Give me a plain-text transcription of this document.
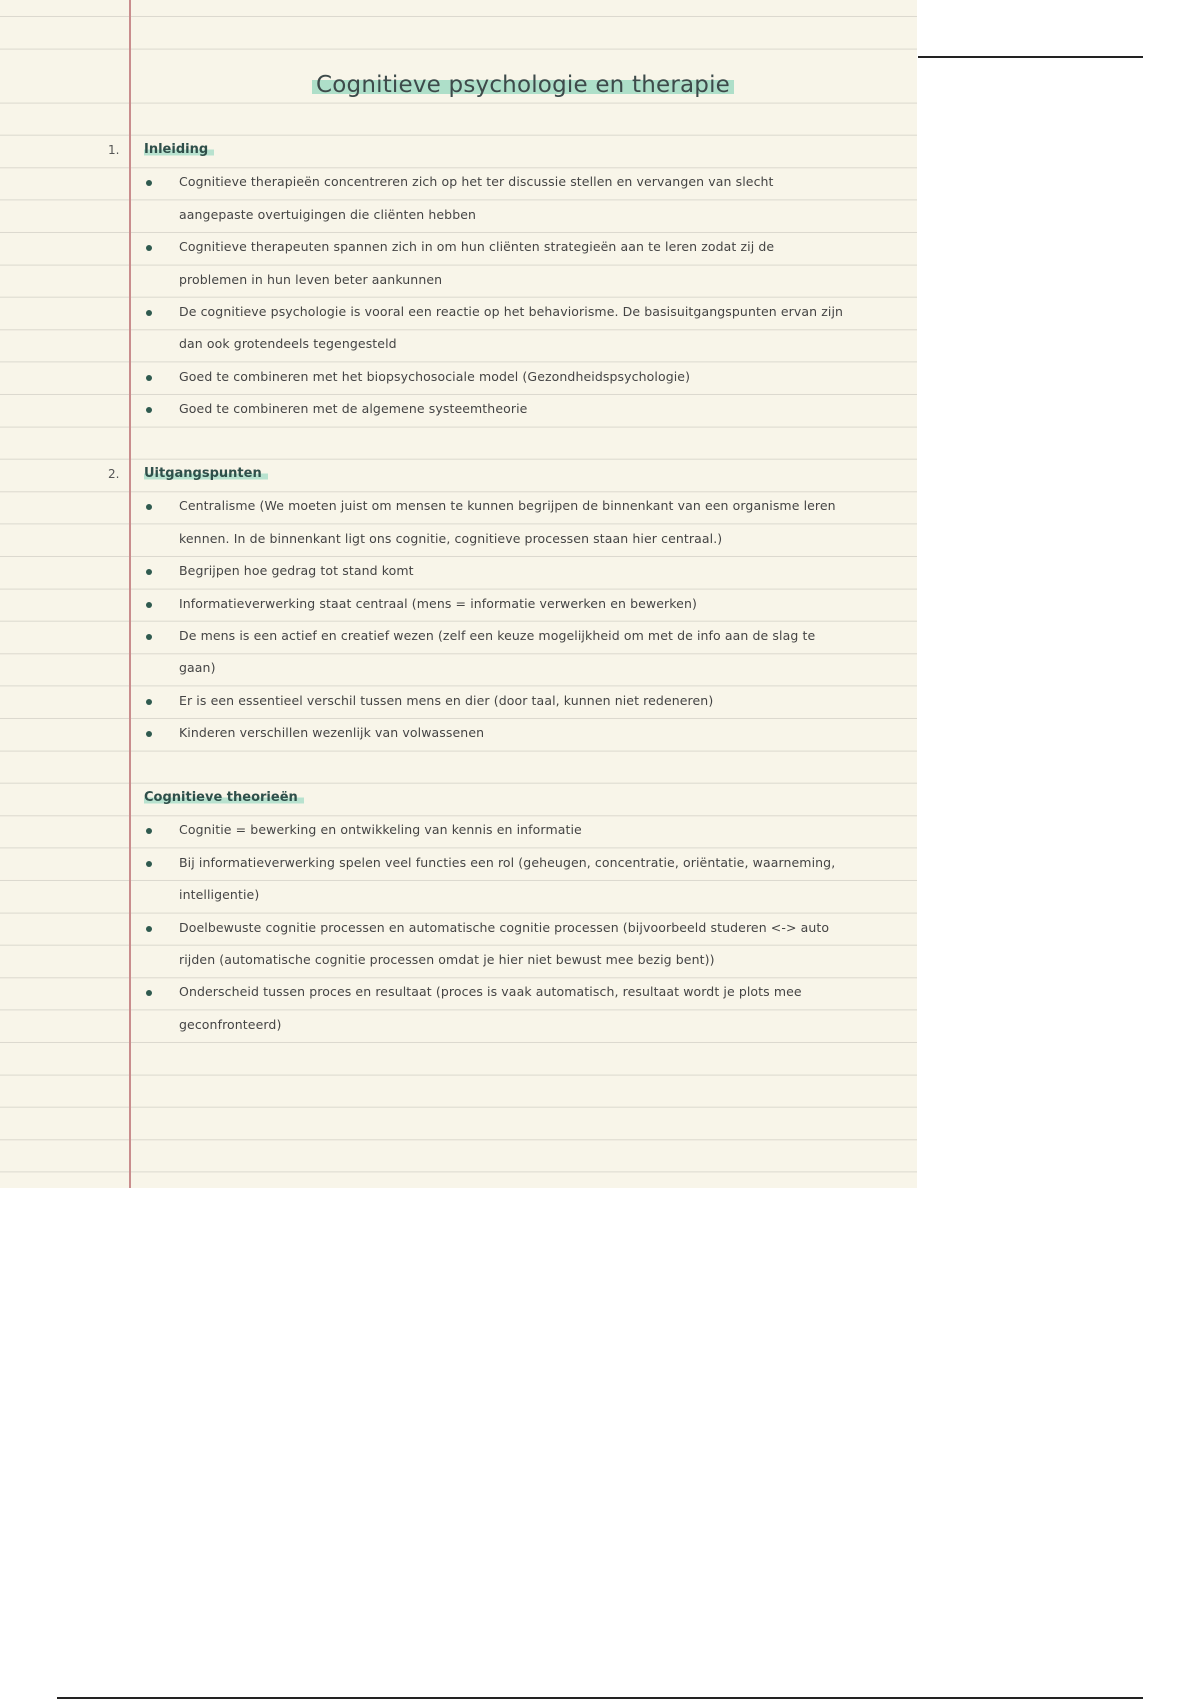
Cognitieve psychologie en therapie
1. Inleiding
Cognitieve therapieën concentreren zich op het ter discussie stellen en vervangen van slecht
aangepaste overtuigingen die cliënten hebben
Cognitieve therapeuten spannen zich in om hun cliënten strategieën aan te leren zodat zij de
problemen in hun leven beter aankunnen
De cognitieve psychologie is vooral een reactie op het behaviorisme. De basisuitgangspunten ervan zijn
dan ook grotendeels tegengesteld
Goed te combineren met het biopsychosociale model (Gezondheidspsychologie)
Goed te combineren met de algemene systeemtheorie
2. Uitgangspunten
Centralisme (We moeten juist om mensen te kunnen begrijpen de binnenkant van een organisme leren
kennen. In de binnenkant ligt ons cognitie, cognitieve processen staan hier centraal.)
Begrijpen hoe gedrag tot stand komt
Informatieverwerking staat centraal (mens = informatie verwerken en bewerken)
De mens is een actief en creatief wezen (zelf een keuze mogelijkheid om met de info aan de slag te
gaan)
Er is een essentieel verschil tussen mens en dier (door taal, kunnen niet redeneren)
Kinderen verschillen wezenlijk van volwassenen
Cognitieve theorieën
Cognitie = bewerking en ontwikkeling van kennis en informatie
Bij informatieverwerking spelen veel functies een rol (geheugen, concentratie, oriëntatie, waarneming,
intelligentie)
Doelbewuste cognitie processen en automatische cognitie processen (bijvoorbeeld studeren <-> auto
rijden (automatische cognitie processen omdat je hier niet bewust mee bezig bent))
Onderscheid tussen proces en resultaat (proces is vaak automatisch, resultaat wordt je plots mee
geconfronteerd)
